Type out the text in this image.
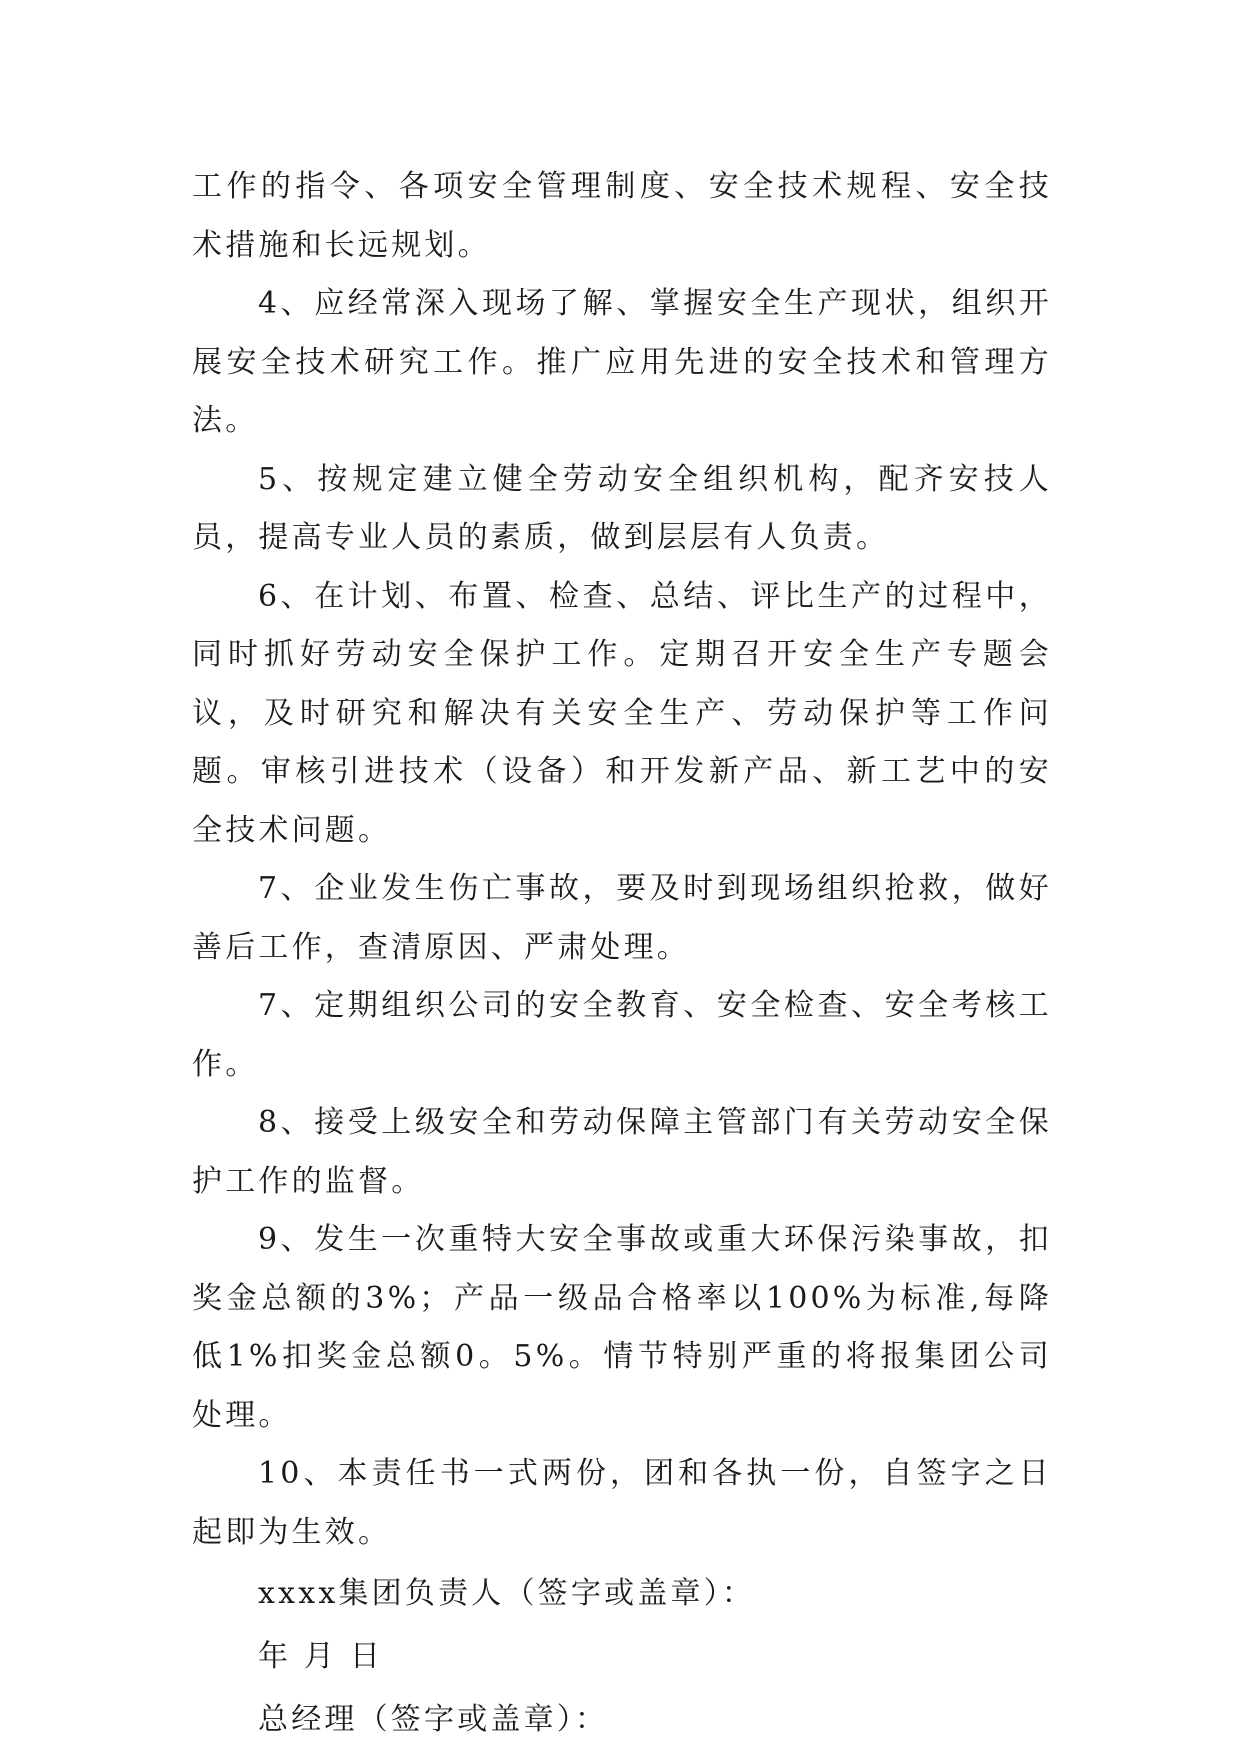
工作的指令、各项安全管理制度、安全技术规程、安全技术措施和长远规划。

4、应经常深入现场了解、掌握安全生产现状，组织开展安全技术研究工作。推广应用先进的安全技术和管理方法。

5、按规定建立健全劳动安全组织机构，配齐安技人员，提高专业人员的素质，做到层层有人负责。

6、在计划、布置、检查、总结、评比生产的过程中，同时抓好劳动安全保护工作。定期召开安全生产专题会议，及时研究和解决有关安全生产、劳动保护等工作问题。审核引进技术（设备）和开发新产品、新工艺中的安全技术问题。

7、企业发生伤亡事故，要及时到现场组织抢救，做好善后工作，查清原因、严肃处理。

7、定期组织公司的安全教育、安全检查、安全考核工作。

8、接受上级安全和劳动保障主管部门有关劳动安全保护工作的监督。

9、发生一次重特大安全事故或重大环保污染事故，扣奖金总额的3%；产品一级品合格率以100%为标准,每降低1%扣奖金总额0。5%。情节特别严重的将报集团公司处理。

10、本责任书一式两份，团和各执一份，自签字之日起即为生效。

xxxx集团负责人（签字或盖章）：

年 月 日

总经理（签字或盖章）：
